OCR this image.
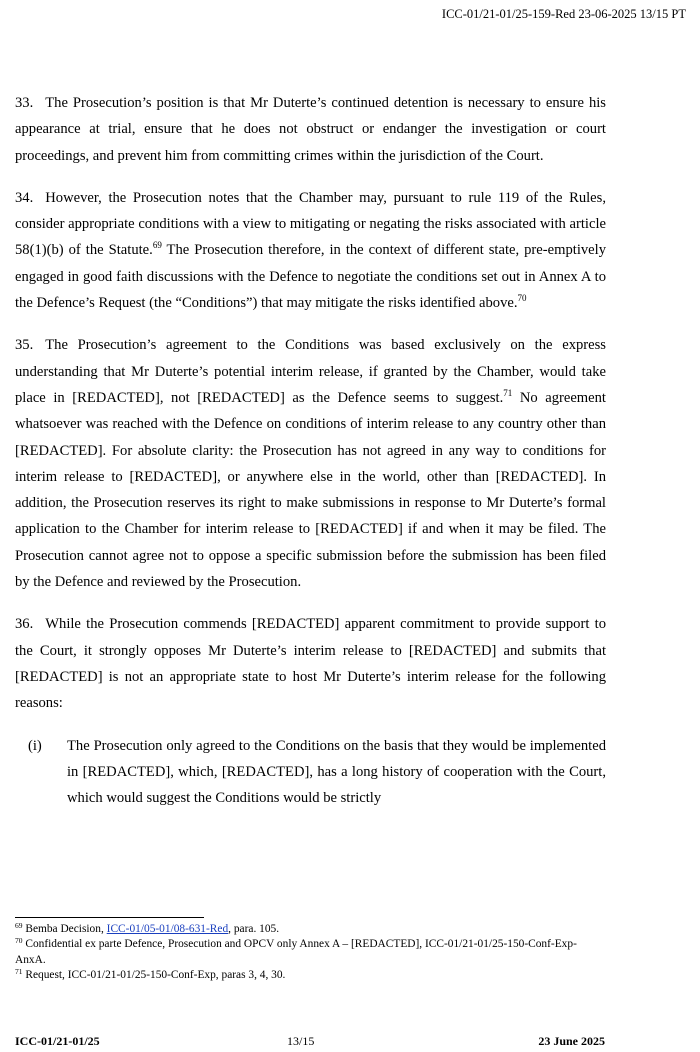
ICC-01/21-01/25-159-Red 23-06-2025 13/15 PT

33. The Prosecution’s position is that Mr Duterte’s continued detention is necessary to ensure his appearance at trial, ensure that he does not obstruct or endanger the investigation or court proceedings, and prevent him from committing crimes within the jurisdiction of the Court.

34. However, the Prosecution notes that the Chamber may, pursuant to rule 119 of the Rules, consider appropriate conditions with a view to mitigating or negating the risks associated with article 58(1)(b) of the Statute.$^{69}$ The Prosecution therefore, in the context of different state, pre-emptively engaged in good faith discussions with the Defence to negotiate the conditions set out in Annex A to the Defence’s Request (the “Conditions”) that may mitigate the risks identified above.$^{70}$

35. The Prosecution’s agreement to the Conditions was based exclusively on the express understanding that Mr Duterte’s potential interim release, if granted by the Chamber, would take place in [REDACTED], not [REDACTED] as the Defence seems to suggest.$^{71}$ No agreement whatsoever was reached with the Defence on conditions of interim release to any country other than [REDACTED]. For absolute clarity: the Prosecution has not agreed in any way to conditions for interim release to [REDACTED], or anywhere else in the world, other than [REDACTED]. In addition, the Prosecution reserves its right to make submissions in response to Mr Duterte’s formal application to the Chamber for interim release to [REDACTED] if and when it may be filed. The Prosecution cannot agree not to oppose a specific submission before the submission has been filed by the Defence and reviewed by the Prosecution.

36. While the Prosecution commends [REDACTED] apparent commitment to provide support to the Court, it strongly opposes Mr Duterte’s interim release to [REDACTED] and submits that [REDACTED] is not an appropriate state to host Mr Duterte’s interim release for the following reasons:

(i) The Prosecution only agreed to the Conditions on the basis that they would be implemented in [REDACTED], which, [REDACTED], has a long history of cooperation with the Court, which would suggest the Conditions would be strictly

$^{69}$ Bemba Decision, ICC-01/05-01/08-631-Red, para. 105.

$^{70}$ Confidential ex parte Defence, Prosecution and OPCV only Annex A – [REDACTED], ICC-01/21-01/25-150-Conf-Exp-AnxA.

$^{71}$ Request, ICC-01/21-01/25-150-Conf-Exp, paras 3, 4, 30.

ICC-01/21-01/25	13/15	23 June 2025
